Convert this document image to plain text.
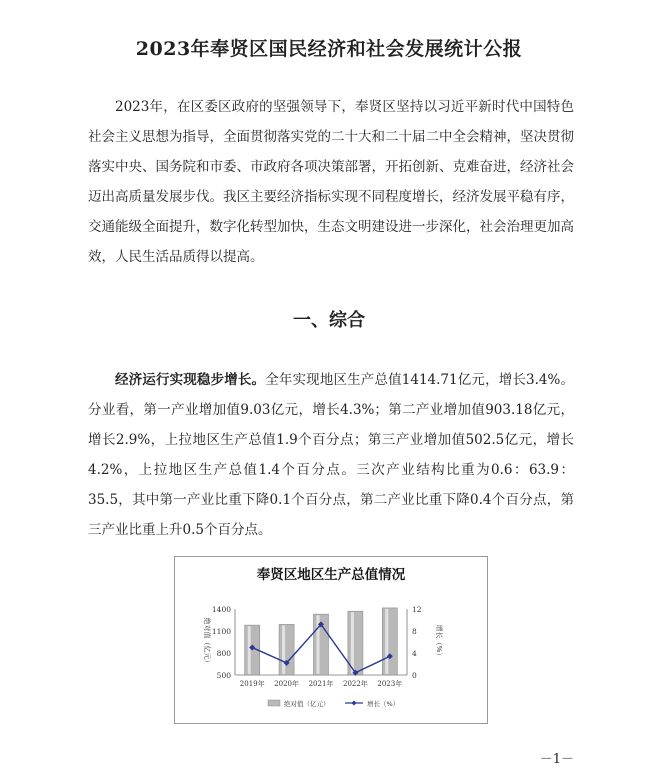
2023年奉贤区国民经济和社会发展统计公报

2023年，在区委区政府的坚强领导下，奉贤区坚持以习近平新时代中国特色社会主义思想为指导，全面贯彻落实党的二十大和二十届二中全会精神，坚决贯彻落实中央、国务院和市委、市政府各项决策部署，开拓创新、克难奋进，经济社会迈出高质量发展步伐。我区主要经济指标实现不同程度增长，经济发展平稳有序，交通能级全面提升，数字化转型加快，生态文明建设进一步深化，社会治理更加高效，人民生活品质得以提高。

一、综合

经济运行实现稳步增长。全年实现地区生产总值1414.71亿元，增长3.4%。分业看，第一产业增加值9.03亿元，增长4.3%；第二产业增加值903.18亿元，增长2.9%，上拉地区生产总值1.9个百分点；第三产业增加值502.5亿元，增长4.2%，上拉地区生产总值1.4个百分点。三次产业结构比重为0.6：63.9：35.5，其中第一产业比重下降0.1个百分点，第二产业比重下降0.4个百分点，第三产业比重上升0.5个百分点。

奉贤区地区生产总值情况
500
800
1100
1400
0
4
8
12
绝对值（亿元）	增长（%）
2019年 2020年 2021年 2022年 2023年
绝对值（亿元）	增长（%）
－1－
